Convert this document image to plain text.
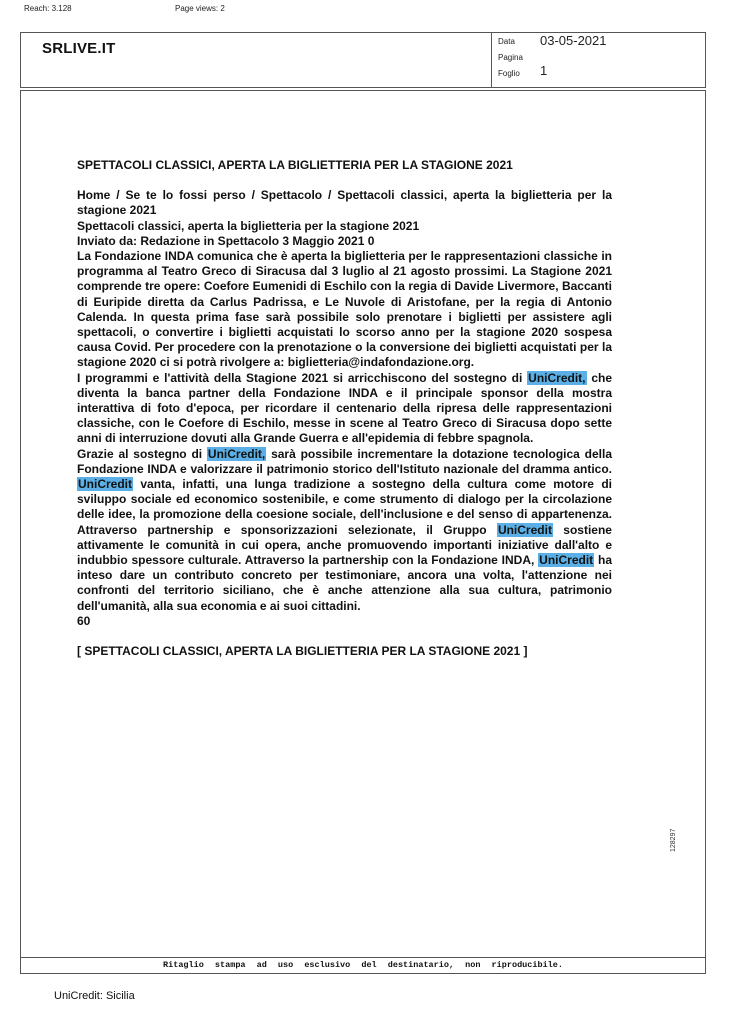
Reach: 3.128	Page views: 2
SRLIVE.IT	Data 03-05-2021
Pagina
Foglio 1

SPETTACOLI CLASSICI, APERTA LA BIGLIETTERIA PER LA STAGIONE 2021

Home / Se te lo fossi perso / Spettacolo / Spettacoli classici, aperta la biglietteria per la stagione 2021

Spettacoli classici, aperta la biglietteria per la stagione 2021

Inviato da: Redazione in Spettacolo 3 Maggio 2021 0

La Fondazione INDA comunica che è aperta la biglietteria per le rappresentazioni classiche in programma al Teatro Greco di Siracusa dal 3 luglio al 21 agosto prossimi. La Stagione 2021 comprende tre opere: Coefore Eumenidi di Eschilo con la regia di Davide Livermore, Baccanti di Euripide diretta da Carlus Padrissa, e Le Nuvole di Aristofane, per la regia di Antonio Calenda. In questa prima fase sarà possibile solo prenotare i biglietti per assistere agli spettacoli, o convertire i biglietti acquistati lo scorso anno per la stagione 2020 sospesa causa Covid. Per procedere con la prenotazione o la conversione dei biglietti acquistati per la stagione 2020 ci si potrà rivolgere a: biglietteria@indafondazione.org.

I programmi e l'attività della Stagione 2021 si arricchiscono del sostegno di UniCredit, che diventa la banca partner della Fondazione INDA e il principale sponsor della mostra interattiva di foto d'epoca, per ricordare il centenario della ripresa delle rappresentazioni classiche, con le Coefore di Eschilo, messe in scene al Teatro Greco di Siracusa dopo sette anni di interruzione dovuti alla Grande Guerra e all'epidemia di febbre spagnola.

Grazie al sostegno di UniCredit, sarà possibile incrementare la dotazione tecnologica della Fondazione INDA e valorizzare il patrimonio storico dell'Istituto nazionale del dramma antico. UniCredit vanta, infatti, una lunga tradizione a sostegno della cultura come motore di sviluppo sociale ed economico sostenibile, e come strumento di dialogo per la circolazione delle idee, la promozione della coesione sociale, dell'inclusione e del senso di appartenenza. Attraverso partnership e sponsorizzazioni selezionate, il Gruppo UniCredit sostiene attivamente le comunità in cui opera, anche promuovendo importanti iniziative dall'alto e indubbio spessore culturale. Attraverso la partnership con la Fondazione INDA, UniCredit ha inteso dare un contributo concreto per testimoniare, ancora una volta, l'attenzione nei confronti del territorio siciliano, che è anche attenzione alla sua cultura, patrimonio dell'umanità, alla sua economia e ai suoi cittadini.

60

[ SPETTACOLI CLASSICI, APERTA LA BIGLIETTERIA PER LA STAGIONE 2021 ]

128297
Ritaglio stampa ad uso esclusivo del destinatario, non riproducibile.
UniCredit: Sicilia
